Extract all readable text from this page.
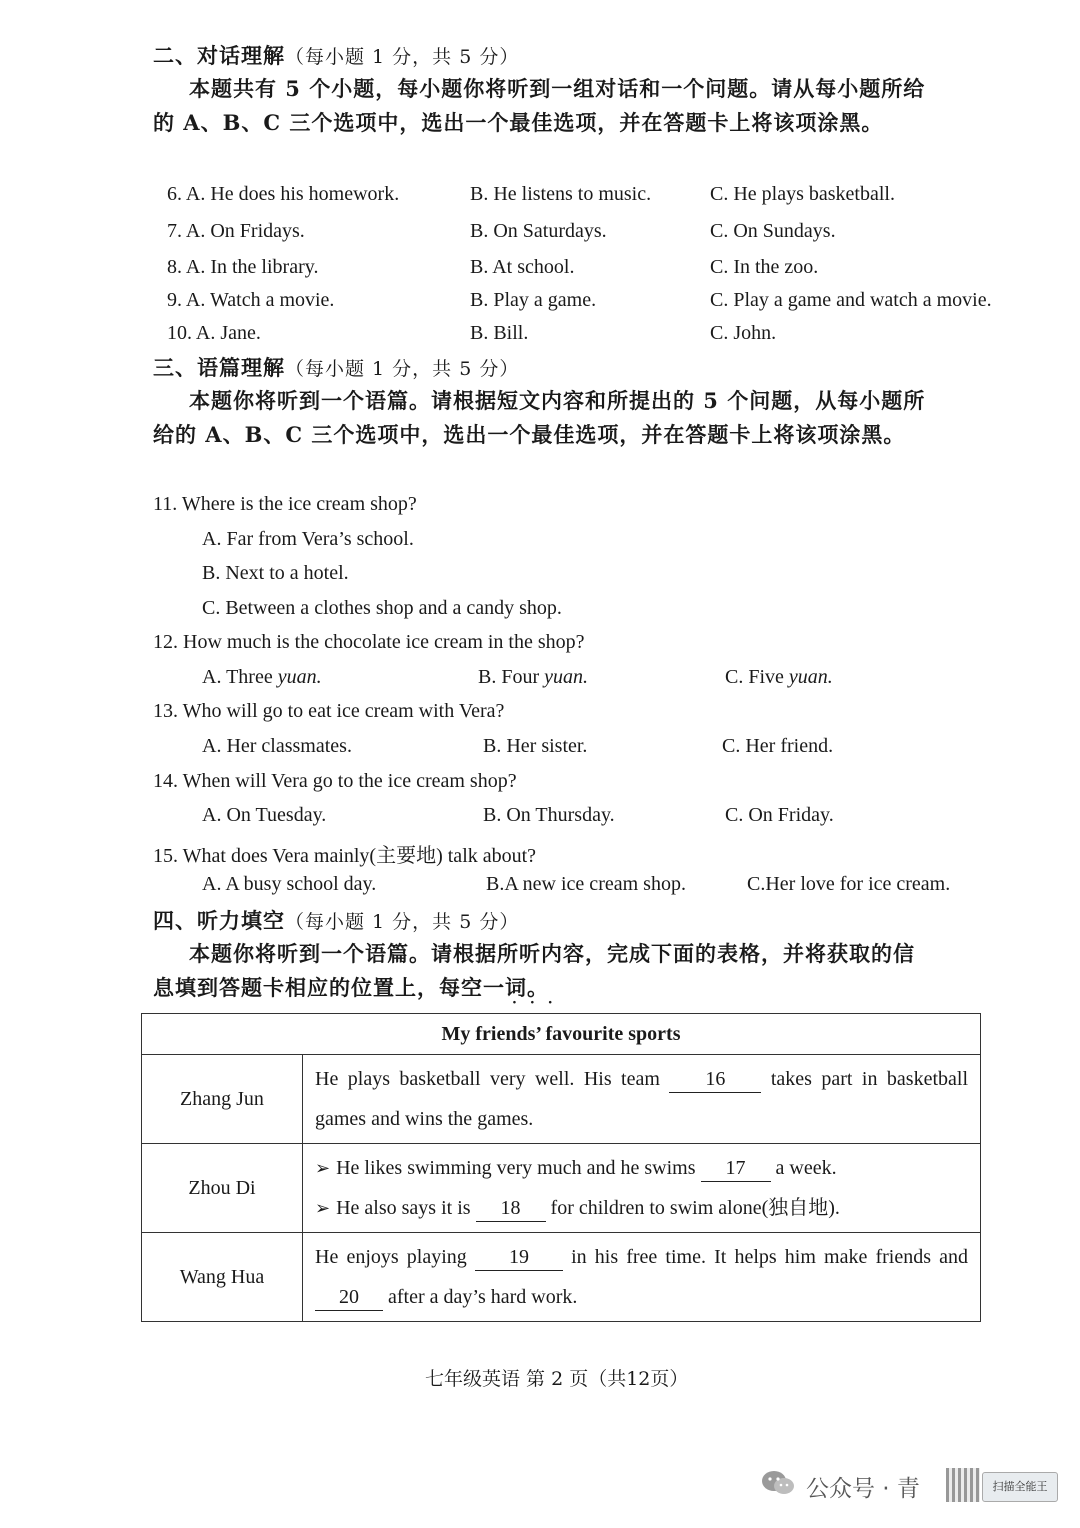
二、对话理解（每小题 1 分，共 5 分）
本题共有 5 个小题，每小题你将听到一组对话和一个问题。请从每小题所给的 A、B、C 三个选项中，选出一个最佳选项，并在答题卡上将该项涂黑。
6. A. He does his homework.	B. He listens to music.	C. He plays basketball.
7. A. On Fridays.	B. On Saturdays.	C. On Sundays.
8. A. In the library.	B. At school.	C. In the zoo.
9. A. Watch a movie.	B. Play a game.	C. Play a game and watch a movie.
10. A. Jane.	B. Bill.	C. John.
三、语篇理解（每小题 1 分，共 5 分）
本题你将听到一个语篇。请根据短文内容和所提出的 5 个问题，从每小题所给的 A、B、C 三个选项中，选出一个最佳选项，并在答题卡上将该项涂黑。
11. Where is the ice cream shop?
A. Far from Vera’s school.
B. Next to a hotel.
C. Between a clothes shop and a candy shop.
12. How much is the chocolate ice cream in the shop?
A. Three yuan.	B. Four yuan.	C. Five yuan.
13. Who will go to eat ice cream with Vera?
A. Her classmates.	B. Her sister.	C. Her friend.
14. When will Vera go to the ice cream shop?
A. On Tuesday.	B. On Thursday.	C. On Friday.
15. What does Vera mainly(主要地) talk about?
A. A busy school day.	B.A new ice cream shop.	C.Her love for ice cream.
四、听力填空（每小题 1 分，共 5 分）
本题你将听到一个语篇。请根据所听内容，完成下面的表格，并将获取的信息填到答题卡相应的位置上，每空一词。
···
My friends’ favourite sports	
Zhang Jun	He plays basketball very well. His team 16 takes part in basketball games and wins the games.
Zhou Di	➢ He likes swimming very much and he swims 17 a week.
➢ He also says it is 18 for children to swim alone(独自地).

Wang Hua	He enjoys playing 19 in his free time. It helps him make friends and 20 after a day’s hard work.
七年级英语 第 2 页（共12页）
公众号 · 青	扫描全能王
